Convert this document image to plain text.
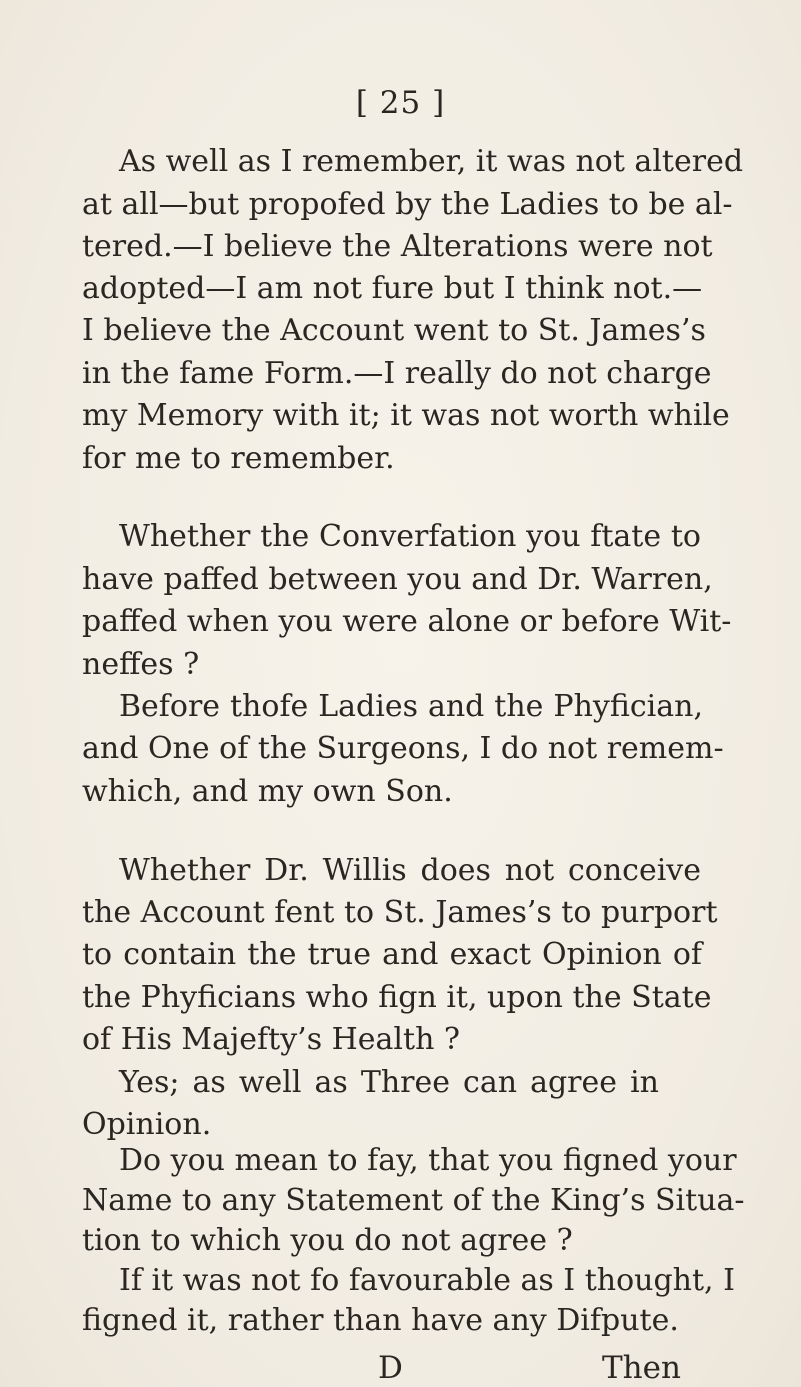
[ 25 ]
As well as I remember, it was not altered
at all—but propofed by the Ladies to be al-
tered.—I believe the Alterations were not
adopted—I am not fure but I think not.—
I believe the Account went to St. James’s
in the fame Form.—I really do not charge
my Memory with it; it was not worth while
for me to remember.
Whether the Converfation you ftate to
have paffed between you and Dr. Warren,
paffed when you were alone or before Wit-
neffes ?
Before thofe Ladies and the Phyfician,
and One of the Surgeons, I do not remem-
which, and my own Son.
Whether Dr. Willis does not conceive
the Account fent to St. James’s to purport
to contain the true and exact Opinion of
the Phyficians who fign it, upon the State
of His Majefty’s Health ?
Yes; as well as Three can agree in
Opinion.
Do you mean to fay, that you figned your
Name to any Statement of the King’s Situa-
tion to which you do not agree ?
If it was not fo favourable as I thought, I
D	Then
figned it, rather than have any Difpute.
